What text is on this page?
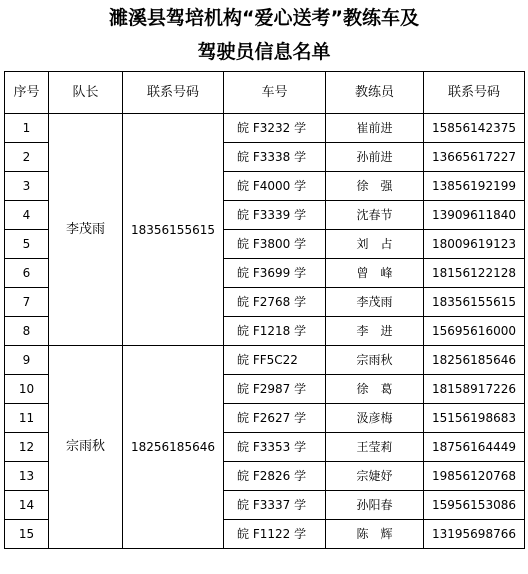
濉溪县驾培机构“爱心送考”教练车及
驾驶员信息名单
序号	队长	联系号码	车号	教练员	联系号码
1	李茂雨	18356155615	皖 F3232 学	崔前进	15856142375
2			皖 F3338 学	孙前进	13665617227
3			皖 F4000 学	徐　强	13856192199
4			皖 F3339 学	沈春节	13909611840
5			皖 F3800 学	刘　占	18009619123
6			皖 F3699 学	曾　峰	18156122128
7			皖 F2768 学	李茂雨	18356155615
8			皖 F1218 学	李　进	15695616000
9	宗雨秋	18256185646	皖 FF5C22	宗雨秋	18256185646
10			皖 F2987 学	徐　葛	18158917226
11			皖 F2627 学	汲彦梅	15156198683
12			皖 F3353 学	王莹莉	18756164449
13			皖 F2826 学	宗婕妤	19856120768
14			皖 F3337 学	孙阳春	15956153086
15			皖 F1122 学	陈　辉	13195698766
